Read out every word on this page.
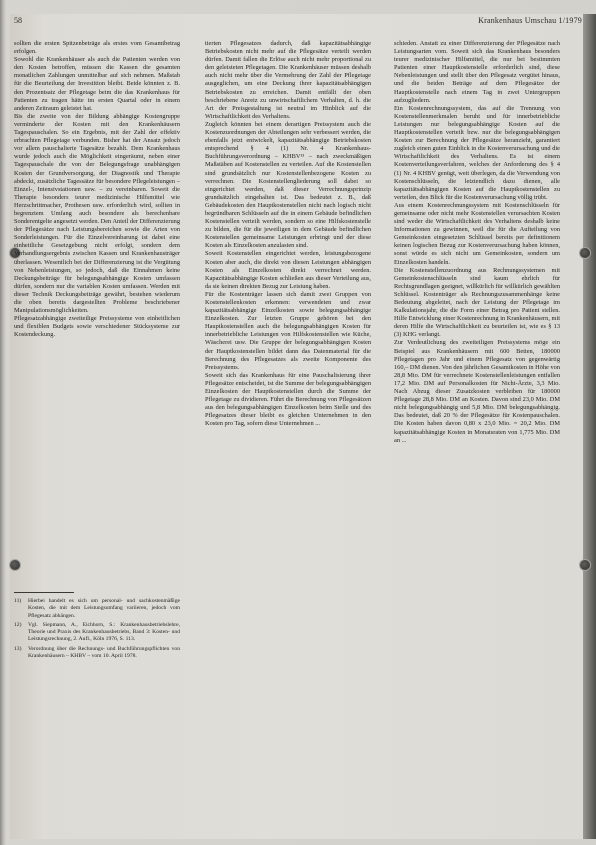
58	Krankenhaus Umschau 1/1979

sollten die ersten Spitzenbeträge als erstes vom Gesamtbetrag erfolgen.

Sowohl die Krankenhäuser als auch die Patienten werden von den Kosten betroffen, müssen die Kassen die gesamten monatlichen Zahlungen unmittelbar auf sich nehmen. Maßstab für die Beurteilung der Investition bleibt. Beide könnten z. B. den Prozentsatz der Pflegetage beim die das Krankenhaus für Patienten zu tragen hätte im ersten Quartal oder in einem anderen Zeitraum geleistet hat.

Bis die zweite von der Bildung abhängige Kostengruppe verminderte der Kosten mit den Krankenhäusern Tagespauschalen. So ein Ergebnis, mit der Zahl der effektiv erbrachten Pflegetage verbunden. Bisher hat der Ansatz jedoch vor allem pauschalierte Tagesätze bezahlt. Dem Krankenhaus wurde jedoch auch die Möglichkeit eingeräumt, neben einer Tagespauschale die von der Belegungsfrage unabhängigen Kosten der Grundversorgung, der Diagnostik und Therapie abdeckt, zusätzliche Tagessätze für besondere Pflegeleistungen – Einzel-, Intensivstationen usw. – zu vereinbaren. Soweit die Therapie besonders teurer medizinische Hilfsmittel wie Herzschrittmacher, Prothesen usw. erforderlich wird, sollten in begrenztem Umfang auch besondere als berechenbare Sonderentgelte angesetzt werden. Den Anteil der Differenzierung der Pflegesätze nach Leistungsbereichen sowie die Arten von Sonderleistungen. Für die Einzelvereinbarung ist dabei eine einheitliche Gesetzgebung nicht erfolgt, sondern dem Verhandlungsergebnis zwischen Kassen und Krankenhausträger überlassen. Wesentlich bei der Differenzierung ist die Vergütung von Nebenleistungen, so jedoch, daß die Einnahmen keine Deckungsbeiträge für belegungsabhängige Kosten umfassen dürfen, sondern nur die variablen Kosten umfassen. Werden mit dieser Technik Deckungsbeiträge gewährt, bestehen wiederum die oben bereits dargestellten Probleme beschriebener Manipulationsmöglichkeiten.

Pflegesatzabhängige zweiteilige Preissysteme von einheitlichen und flexiblen Budgets sowie verschiedener Stücksysteme zur Kostendeckung.

11) Hierbei handelt es sich um personal- und sachkostenmäßige Kosten, die mit dem Leistungsumfang variieren, jedoch vom Pflegesatz abhängen.
12) Vgl. Siepmann, A., Eichhorn, S.: Krankenhausbetriebslehre, Theorie und Praxis des Krankenhausbetriebs, Band 3: Kosten- und Leistungsrechnung, 2. Aufl., Köln 1976, S. 113.
13) Verordnung über die Rechnungs- und Buchführungspflichten von Krankenhäusern – KHBV – vom 10. April 1978.

tierten Pflegesatzes dadurch, daß kapazitätsabhängige Betriebskosten nicht mehr auf die Pflegesätze verteilt werden dürfen. Damit fallen die Erlöse auch nicht mehr proportional zu den geleisteten Pflegetagen. Die Krankenhäuser müssen deshalb auch nicht mehr über die Vermehrung der Zahl der Pflegetage ausgeglichen, um eine Deckung ihrer kapazitätsabhängigen Betriebskosten zu erreichen. Damit entfällt der oben beschriebene Anreiz zu unwirtschaftlichem Verhalten, d. h. die Art der Preisgestaltung ist neutral im Hinblick auf die Wirtschaftlichkeit des Verhaltens.

Zugleich könnten bei einem derartigen Preissystem auch die Kostenzuordnungen der Abteilungen sehr verbessert werden, die ebenfalls jetzt entwickelt, kapazitätsabhängige Betriebskosten entsprechend § 4 (1) Nr. 4 Krankenhaus-Buchführungsverordnung – KHBV¹³ – nach zweckmäßigen Maßstäben auf Kostenstellen zu verteilen. Auf die Kostenstellen sind grundsätzlich nur Kostenstellenbezogene Kosten zu verrechnen. Die Kostenstellengliederung soll dabei so eingerichtet werden, daß dieser Verrechnungsprinzip grundsätzlich eingehalten ist. Das bedeutet z. B., daß Gebäudekosten den Hauptkostenstellen nicht nach logisch nicht begründbaren Schlüsseln auf die in einem Gebäude befindlichen Kostenstellen verteilt werden, sondern so eine Hilfskostenstelle zu bilden, die für die jeweiligen in dem Gebäude befindlichen Kostenstellen gemeinsame Leistungen erbringt und der diese Kosten als Einzelkosten anzulasten sind.

Soweit Kostenstellen eingerichtet werden, leistungsbezogene Kosten aber auch, die direkt von diesen Leistungen abhängigen Kosten als Einzelkosten direkt verrechnet werden. Kapazitätsabhängige Kosten schließen aus dieser Verteilung aus, da sie keinen direkten Bezug zur Leistung haben.

Für die Kostenträger lassen sich damit zwei Gruppen von Kostenstellenkosten erkennen: verwendeten und zwar kapazitätsabhängige Einzelkosten sowie belegungsabhängige Einzelkosten. Zur letzten Gruppe gehören bei den Hauptkostenstellen auch die belegungsabhängigen Kosten für innerbetriebliche Leistungen von Hilfskostenstellen wie Küche, Wäscherei usw. Die Gruppe der belegungsabhängigen Kosten der Hauptkostenstellen bildet dann das Datenmaterial für die Berechnung des Pflegesatzes als zweite Komponente des Preissystems.

Soweit sich das Krankenhaus für eine Pauschalisierung ihrer Pflegesätze entscheidet, ist die Summe der belegungsabhängigen Einzelkosten der Hauptkostenstellen durch die Summe der Pflegetage zu dividieren. Führt die Berechnung von Pflegesätzen aus den belegungsabhängigen Einzelkosten beim Stelle und des Pflegesatzes dieser bleibt es gleichen Unternehmen in den Kosten pro Tag, sofern diese Unternehmen ...

schieden. Anstatt zu einer Differenzierung der Pflegesätze nach Leistungsarten vom. Soweit sich das Krankenhaus besonders teurer medizinischer Hilfsmittel, die nur bei bestimmten Patienten einer Hauptkostenstelle erforderlich sind, diese Nebenleistungen und stellt über den Pflegesatz vergütet hinaus, und die beiden Beträge auf dem Pflegesätze der Hauptkostenstelle nach einem Tag in zwei Untergruppen aufzugliedern.

Ein Kostenrechnungssystem, das auf die Trennung von Kostenstellenmerkmalen beruht und für innerbetriebliche Leistungen nur belegungsabhängige Kosten auf die Hauptkostenstellen verteilt bzw. nur die belegungsabhängigen Kosten zur Berechnung der Pflegesätze heranzieht, garantiert zugleich einen guten Einblick in die Kostenverursachung und die Wirtschaftlichkeit des Verhaltens. Es ist einem Kostenverteilungsverfahren, welches der Anforderung des § 4 (1) Nr. 4 KHBV genügt, weit überlegen, da die Verwendung von Kostenschlüsseln, die letztendlich dazu dienen, alle kapazitätsabhängigen Kosten auf die Hauptkostenstellen zu verteilen, den Blick für die Kostenverursachung völlig trübt.

Aus einem Kostenrechnungssystem mit Kostenschlüsseln für gemeinsame oder nicht mehr Kostenstellen verursachten Kosten sind weder die Wirtschaftlichkeit des Verhaltens deshalb keine Informationen zu gewinnen, weil die für die Aufteilung von Gemeinkosten eingesetzten Schlüssel bereits per definitionem keinen logischen Bezug zur Kostenverursachung haben können, sonst würde es sich nicht um Gemeinkosten, sondern um Einzelkosten handeln.

Die Kostenstellenzuordnung aus Rechnungssystemen mit Gemeinkostenschlüsseln sind kaum ehrlich für Rechtsgrundlagen geeignet, willkürlich für willkürlich gewählten Schlüssel. Kostenträger als Rechnungszusammenhänge keine Bedeutung abgeleitet, nach der Leistung der Pflegetage im Kalkulationsjahr, die die Form einer Betrag pro Patient stellen. Hilfe Entwicklung einer Kostenrechnung in Krankenhäusern, mit deren Hilfe die Wirtschaftlichkeit zu beurteilen ist, wie es § 13 (3) KHG verlangt.

Zur Verdeutlichung des zweiteiligen Preissystems möge ein Beispiel aus Krankenhäusern mit 600 Betten, 180000 Pflegetagen pro Jahr und einem Pflegesatz von gegenwärtig 160,– DM dienen. Von den jährlichen Gesamtkosten in Höhe von 28,8 Mio. DM für verrechnete Kostenstellenleistungen entfallen 17,2 Mio. DM auf Personalkosten für Nicht-Ärzte, 3,3 Mio. Nach Abzug dieser Zusatzkosten verbleiben für 180000 Pflegetage 28,8 Mio. DM an Kosten. Davon sind 23,0 Mio. DM nicht belegungsabhängig und 5,8 Mio. DM belegungsabhängig. Das bedeutet, daß 20 % der Pflegesätze für Kostenpauschalen. Die Kosten haben davon 0,80 x 23,0 Mio. = 20,2 Mio. DM kapazitätsabhängige Kosten in Monatsraten von 1,775 Mio. DM an ...
